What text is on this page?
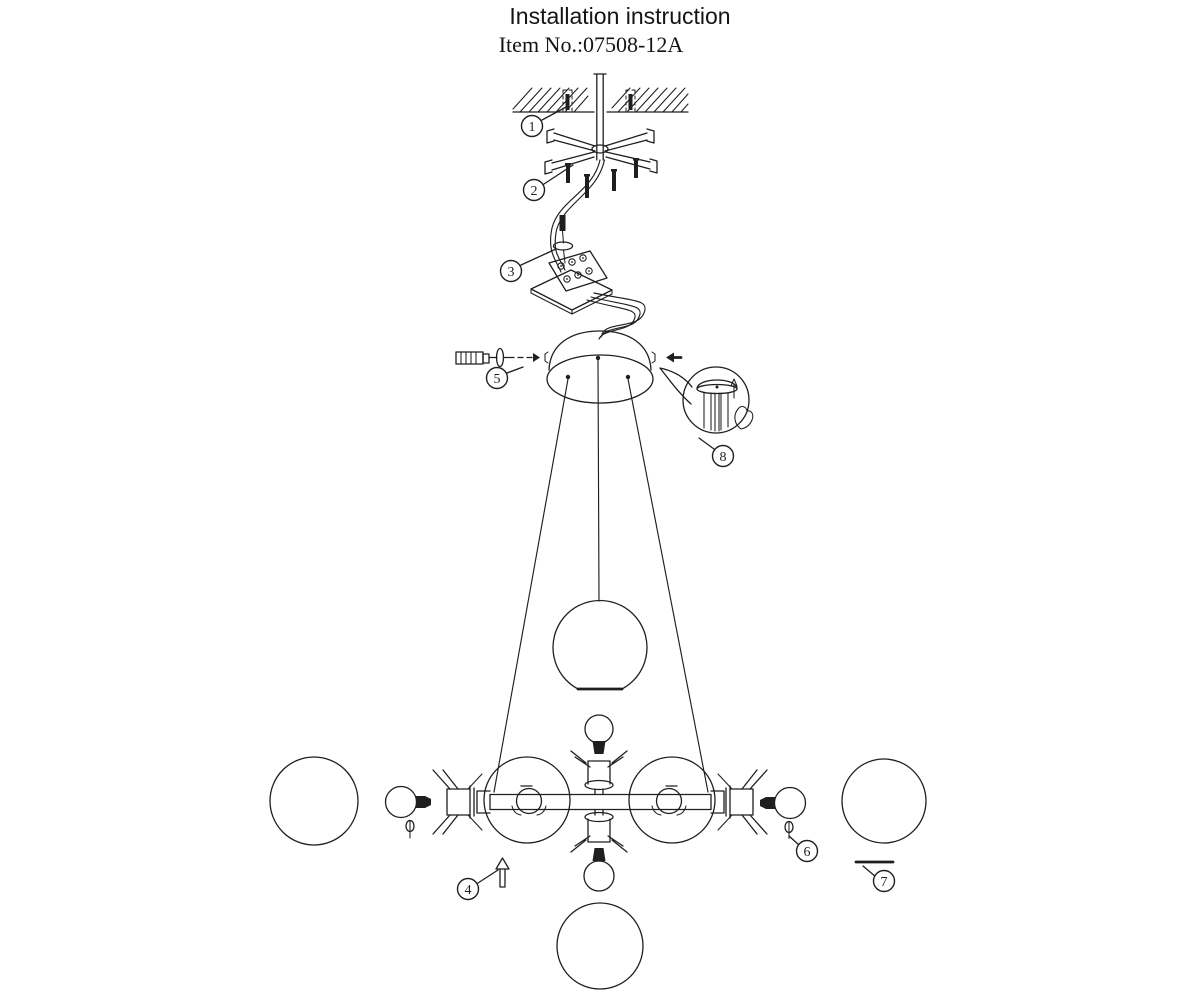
Installation instruction
Item No.:07508-12A
1
2
3
4
5
6
7
8
